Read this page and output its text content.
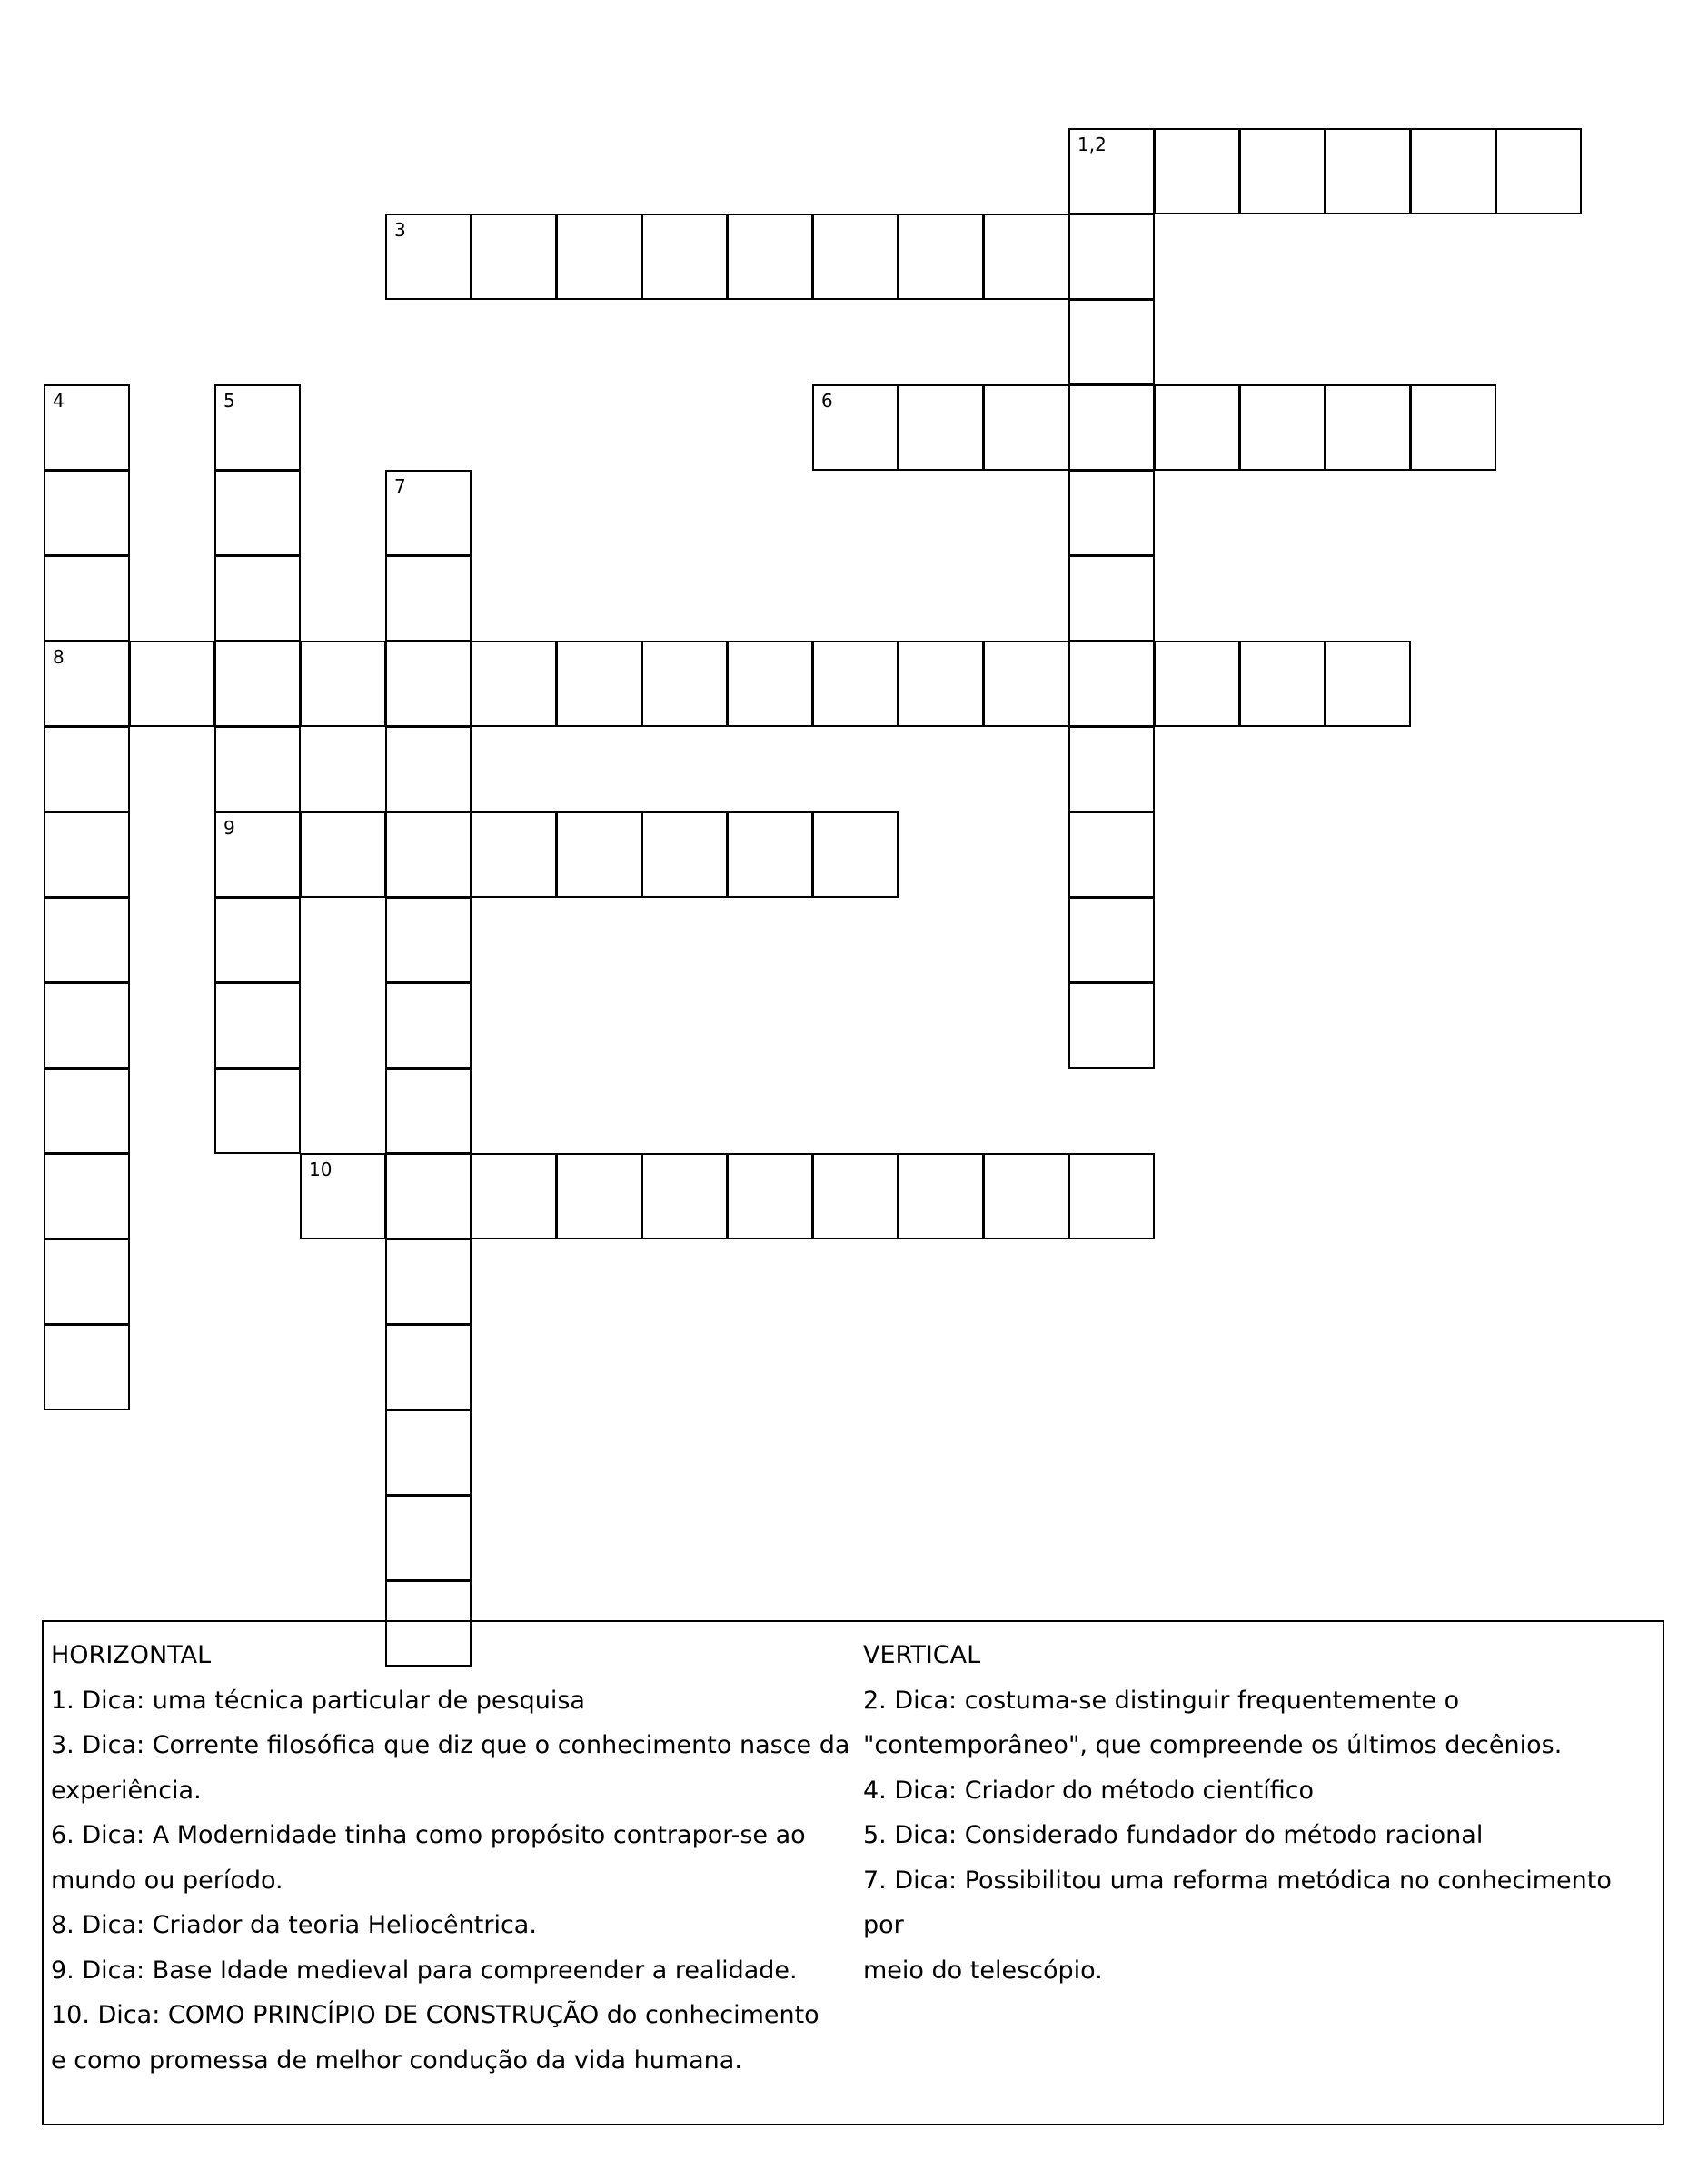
1,2
3
6
4
8
5
9
7
10
HORIZONTAL
1. Dica: uma técnica particular de pesquisa
3. Dica: Corrente filosófica que diz que o conhecimento nasce da
experiência.
6. Dica: A Modernidade tinha como propósito contrapor-se ao
mundo ou período.
8. Dica: Criador da teoria Heliocêntrica.
9. Dica: Base Idade medieval para compreender a realidade.
10. Dica: COMO PRINCÍPIO DE CONSTRUÇÃO do conhecimento
e como promessa de melhor condução da vida humana.
VERTICAL
2. Dica: costuma-se distinguir frequentemente o
"contemporâneo", que compreende os últimos decênios.
4. Dica: Criador do método científico
5. Dica: Considerado fundador do método racional
7. Dica: Possibilitou uma reforma metódica no conhecimento por
meio do telescópio.
